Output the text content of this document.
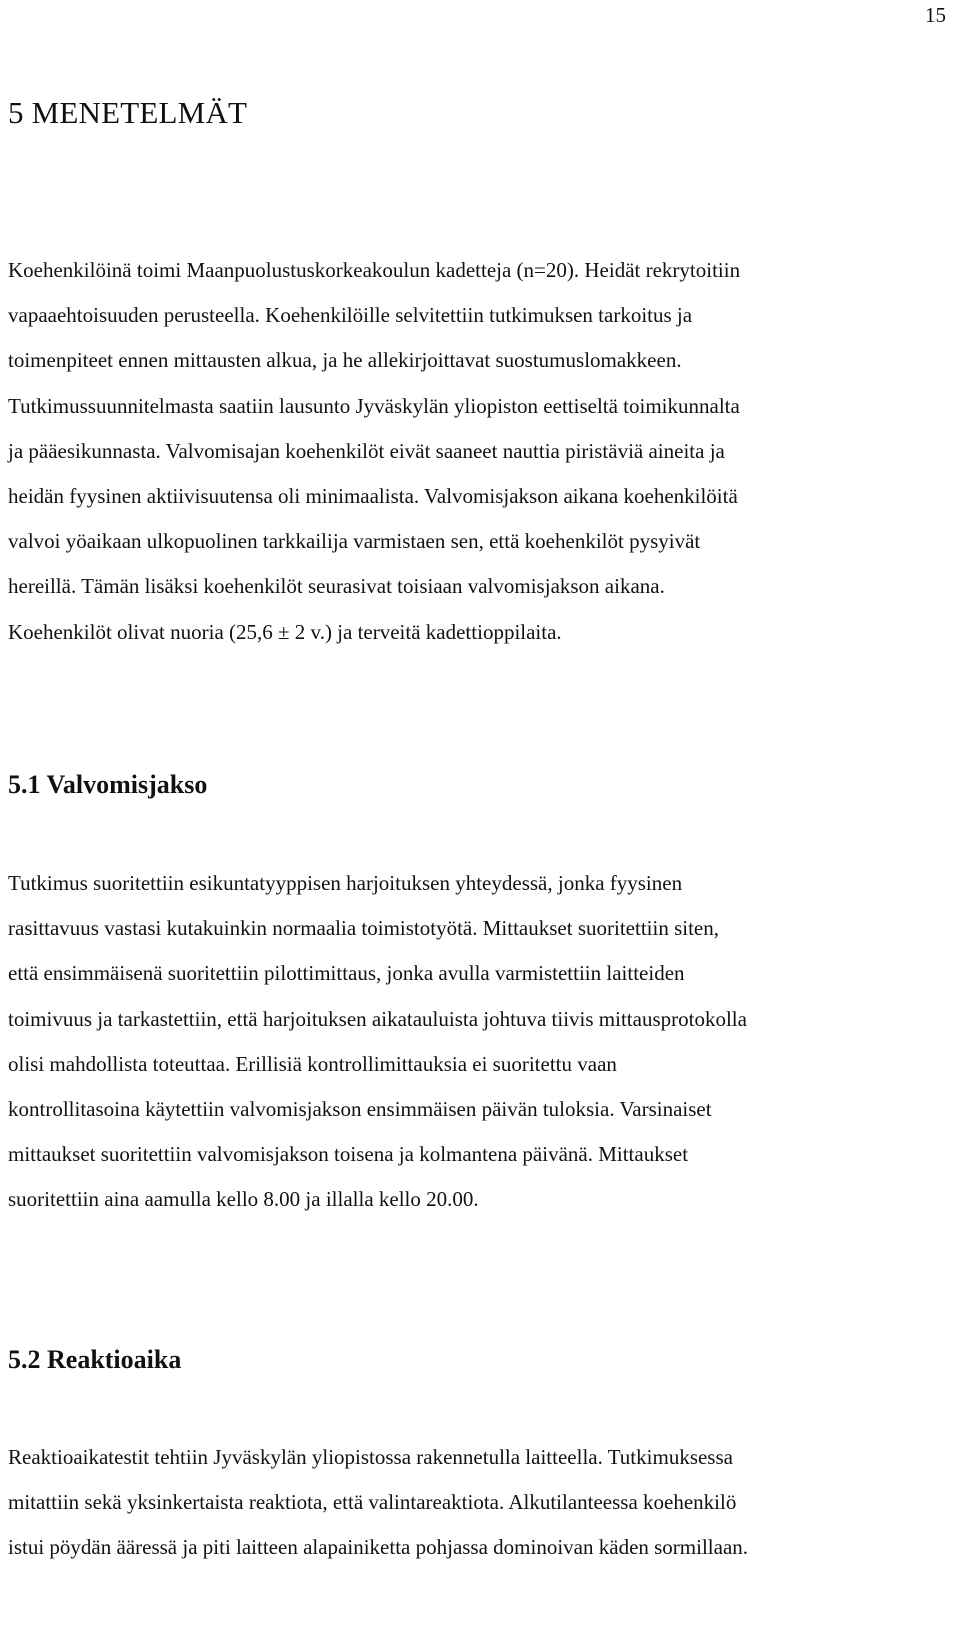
15
5 MENETELMÄT

Koehenkilöinä toimi Maanpuolustuskorkeakoulun kadetteja (n=20). Heidät rekrytoitiin
vapaaehtoisuuden perusteella. Koehenkilöille selvitettiin tutkimuksen tarkoitus ja
toimenpiteet ennen mittausten alkua, ja he allekirjoittavat suostumuslomakkeen.
Tutkimussuunnitelmasta saatiin lausunto Jyväskylän yliopiston eettiseltä toimikunnalta
ja pääesikunnasta. Valvomisajan koehenkilöt eivät saaneet nauttia piristäviä aineita ja
heidän fyysinen aktiivisuutensa oli minimaalista. Valvomisjakson aikana koehenkilöitä
valvoi yöaikaan ulkopuolinen tarkkailija varmistaen sen, että koehenkilöt pysyivät
hereillä. Tämän lisäksi koehenkilöt seurasivat toisiaan valvomisjakson aikana.
Koehenkilöt olivat nuoria (25,6 ± 2 v.) ja terveitä kadettioppilaita.

5.1 Valvomisjakso

Tutkimus suoritettiin esikuntatyyppisen harjoituksen yhteydessä, jonka fyysinen
rasittavuus vastasi kutakuinkin normaalia toimistotyötä. Mittaukset suoritettiin siten,
että ensimmäisenä suoritettiin pilottimittaus, jonka avulla varmistettiin laitteiden
toimivuus ja tarkastettiin, että harjoituksen aikatauluista johtuva tiivis mittausprotokolla
olisi mahdollista toteuttaa. Erillisiä kontrollimittauksia ei suoritettu vaan
kontrollitasoina käytettiin valvomisjakson ensimmäisen päivän tuloksia. Varsinaiset
mittaukset suoritettiin valvomisjakson toisena ja kolmantena päivänä. Mittaukset
suoritettiin aina aamulla kello 8.00 ja illalla kello 20.00.

5.2 Reaktioaika

Reaktioaikatestit tehtiin Jyväskylän yliopistossa rakennetulla laitteella. Tutkimuksessa
mitattiin sekä yksinkertaista reaktiota, että valintareaktiota. Alkutilanteessa koehenkilö
istui pöydän ääressä ja piti laitteen alapainiketta pohjassa dominoivan käden sormillaan.
